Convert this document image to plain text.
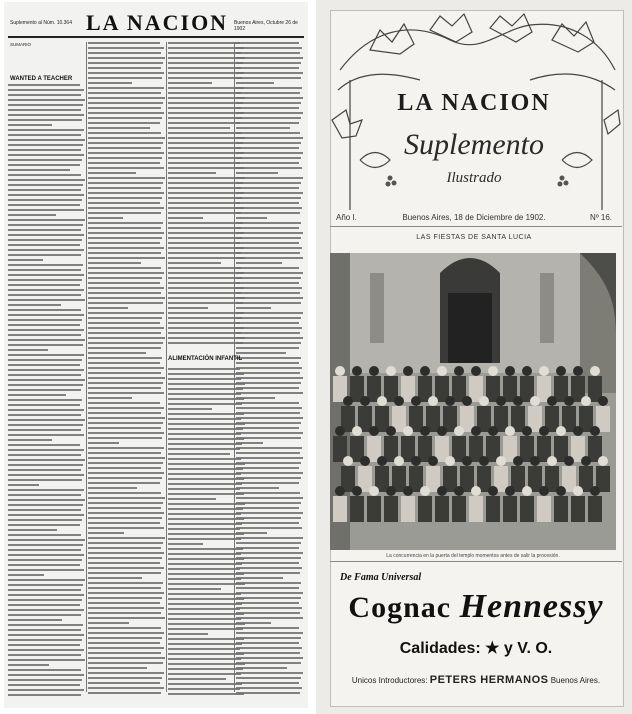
Suplemento al Núm. 10.364 LA NACION Buenos Aires, Octubre 26 de 1902
SUMARIO
WANTED A TEACHER
ALIMENTACIÓN INFANTIL
LA NACION
Suplemento
Ilustrado
Año I.	Buenos Aires, 18 de Diciembre de 1902.	Nº 16.
LAS FIESTAS DE SANTA LUCIA
La concurrencia en la puerta del templo momentos antes de salir la procesión.
De Fama Universal
Cognac Hennessy
Calidades: ★ y V. O.
Unicos Introductores: PETERS HERMANOS Buenos Aires.
